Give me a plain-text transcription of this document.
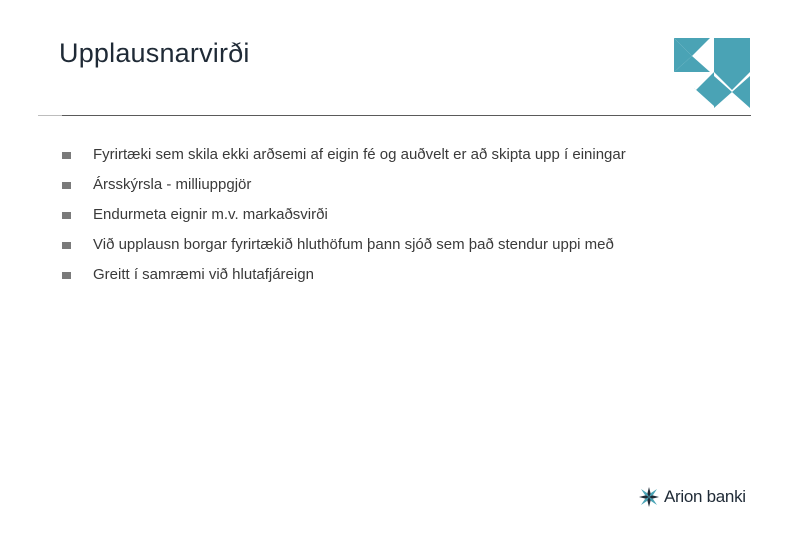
Upplausnarvirði
Fyrirtæki sem skila ekki arðsemi af eigin fé og auðvelt er að skipta upp í einingar
Ársskýrsla - milliuppgjör
Endurmeta eignir m.v. markaðsvirði
Við upplausn borgar fyrirtækið hluthöfum þann sjóð sem það stendur uppi með
Greitt í samræmi við hlutafjáreign
Arion banki
